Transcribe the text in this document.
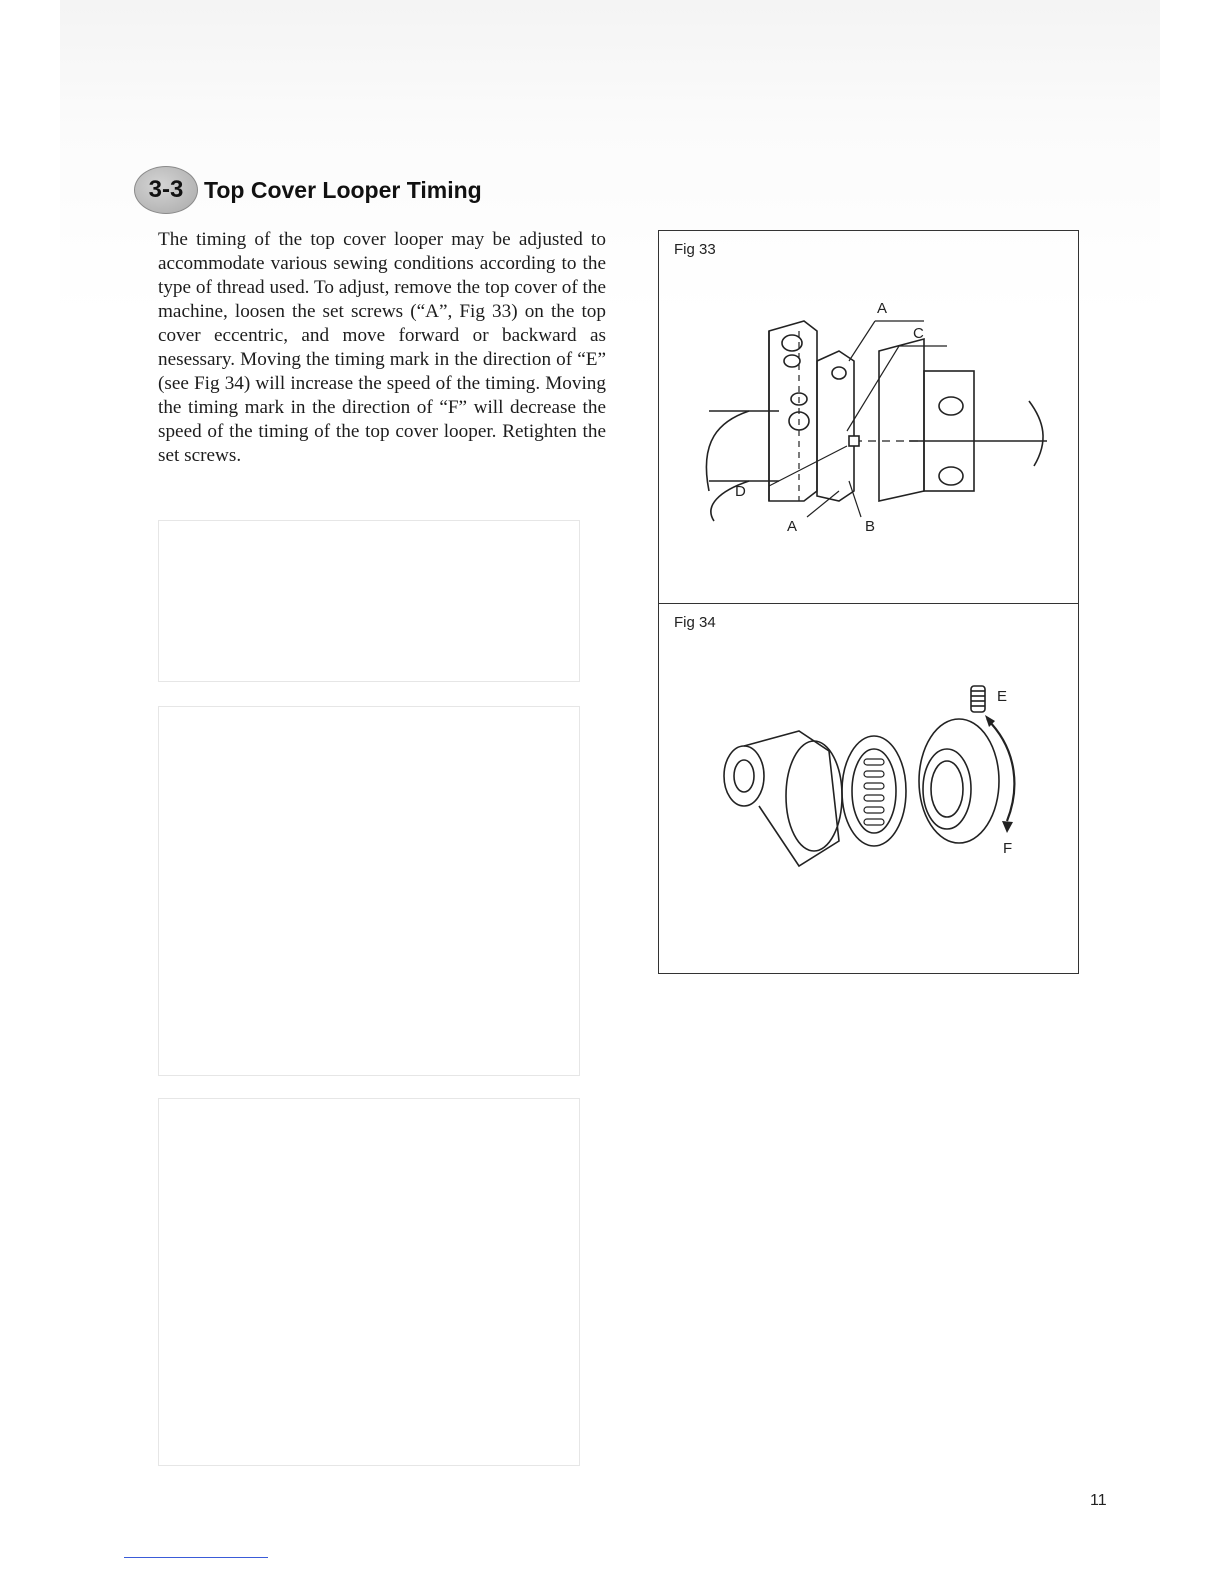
3-3 Top Cover Looper Timing
The timing of the top cover looper may be adjusted to accommodate various sewing conditions according to the type of thread used. To adjust, remove the top cover of the machine, loosen the set screws (“A”, Fig 33) on the top cover eccentric, and move forward or backward as nesessary. Moving the timing mark in the direction of “E” (see Fig 34) will increase the speed of the timing. Moving the timing mark in the direction of “F” will decrease the speed of the timing of the top cover looper. Retighten the set screws.
Fig 33
Fig 34
A
C
D
A	B
E
F
11
